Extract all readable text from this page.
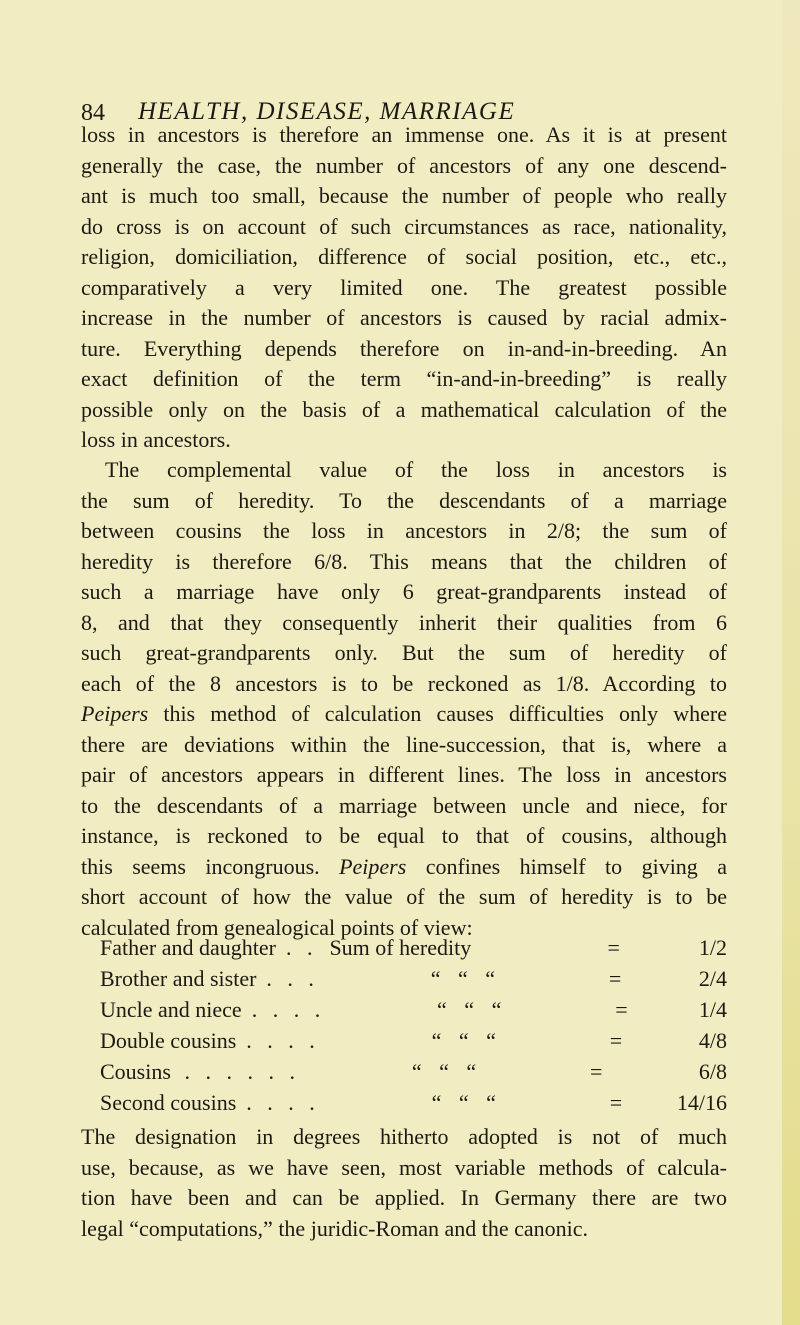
84 HEALTH, DISEASE, MARRIAGE
loss in ancestors is therefore an immense one. As it is at present
generally the case, the number of ancestors of any one descend-
ant is much too small, because the number of people who really
do cross is on account of such circumstances as race, nationality,
religion, domiciliation, difference of social position, etc., etc.,
comparatively a very limited one. The greatest possible
increase in the number of ancestors is caused by racial admix-
ture. Everything depends therefore on in-and-in-breeding. An
exact definition of the term “in-and-in-breeding” is really
possible only on the basis of a mathematical calculation of the
loss in ancestors.
The complemental value of the loss in ancestors is
the sum of heredity. To the descendants of a marriage
between cousins the loss in ancestors in 2/8; the sum of
heredity is therefore 6/8. This means that the children of
such a marriage have only 6 great-grandparents instead of
8, and that they consequently inherit their qualities from 6
such great-grandparents only. But the sum of heredity of
each of the 8 ancestors is to be reckoned as 1/8. According to
Peipers this method of calculation causes difficulties only where
there are deviations within the line-succession, that is, where a
pair of ancestors appears in different lines. The loss in ancestors
to the descendants of a marriage between uncle and niece, for
instance, is reckoned to be equal to that of cousins, although
this seems incongruous. Peipers confines himself to giving a
short account of how the value of the sum of heredity is to be
calculated from genealogical points of view:
Father and daughter . . Sum of heredity	=	1/2
Brother and sister . . .	“ “ “	=	2/4
Uncle and niece . . . .	“ “ “	=	1/4
Double cousins . . . .	“ “ “	=	4/8
Cousins . . . . . .	“ “ “	=	6/8
Second cousins . . . .	“ “ “	=	14/16
The designation in degrees hitherto adopted is not of much
use, because, as we have seen, most variable methods of calcula-
tion have been and can be applied. In Germany there are two
legal “computations,” the juridic-Roman and the canonic.
